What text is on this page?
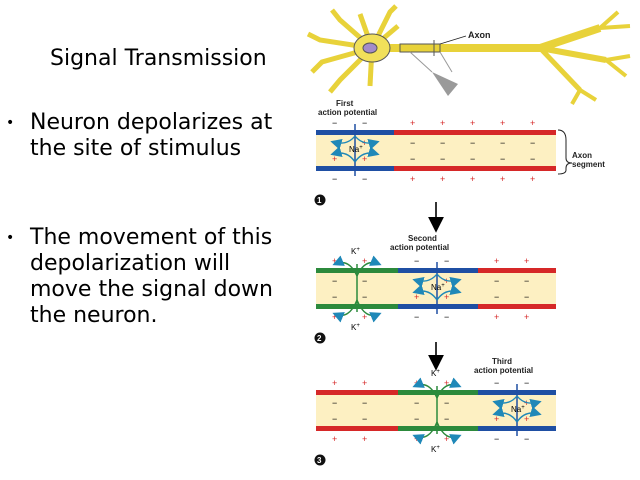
Signal Transmission
• Neuron depolarizes at the site of stimulus
• The movement of this depolarization will move the signal down the neuron.
Axon
−
+
+
−
−
+
+
−
+
−
−
+
+
−
−
+
+
−
−
+
+
−
−
+
+
−
−
+
Na+
First
action potential
1
+
−
−
+
+
−
−
+
−
+
+
−
−
+
+
−
+
−
−
+
+
−
−
+
Na+
K+
K+
Second
action potential
2
+
−
−
+
+
−
−
+
+
−
−
+
+
−
−
+
−
+
+
−
−
+
+
−
Na+
K+
K+
Third
action potential
3
Axon
segment
